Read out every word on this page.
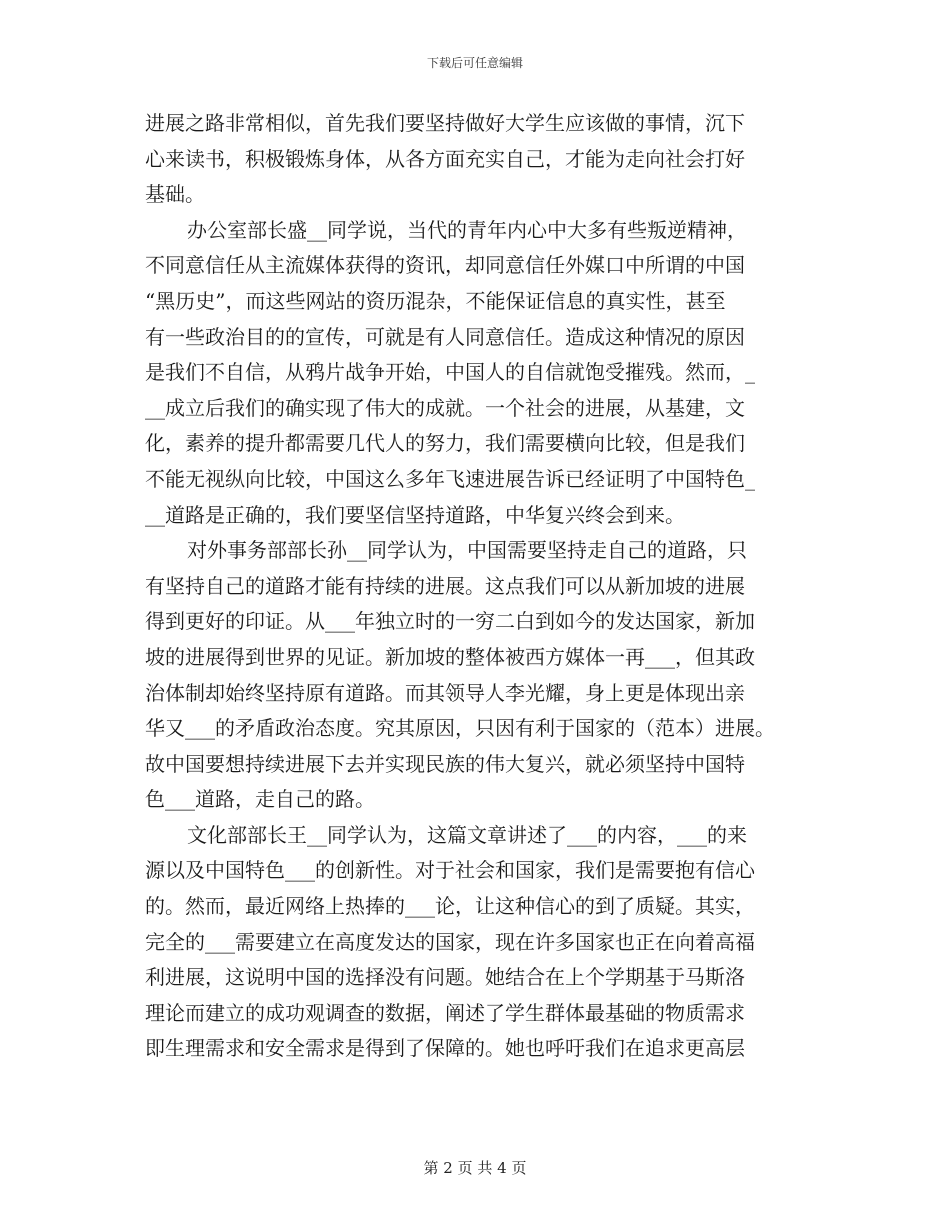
下载后可任意编辑
进展之路非常相似，首先我们要坚持做好大学生应该做的事情，沉下
心来读书，积极锻炼身体，从各方面充实自己，才能为走向社会打好
基础。
办公室部长盛__同学说，当代的青年内心中大多有些叛逆精神，
不同意信任从主流媒体获得的资讯，却同意信任外媒口中所谓的中国
“黑历史”，而这些网站的资历混杂，不能保证信息的真实性，甚至
有一些政治目的的宣传，可就是有人同意信任。造成这种情况的原因
是我们不自信，从鸦片战争开始，中国人的自信就饱受摧残。然而，_
__成立后我们的确实现了伟大的成就。一个社会的进展，从基建，文
化，素养的提升都需要几代人的努力，我们需要横向比较，但是我们
不能无视纵向比较，中国这么多年飞速进展告诉已经证明了中国特色_
__道路是正确的，我们要坚信坚持道路，中华复兴终会到来。
对外事务部部长孙__同学认为，中国需要坚持走自己的道路，只
有坚持自己的道路才能有持续的进展。这点我们可以从新加坡的进展
得到更好的印证。从___年独立时的一穷二白到如今的发达国家，新加
坡的进展得到世界的见证。新加坡的整体被西方媒体一再___，但其政
治体制却始终坚持原有道路。而其领导人李光耀，身上更是体现出亲
华又___的矛盾政治态度。究其原因，只因有利于国家的（范本）进展。
故中国要想持续进展下去并实现民族的伟大复兴，就必须坚持中国特
色___道路，走自己的路。
文化部部长王__同学认为，这篇文章讲述了___的内容，___的来
源以及中国特色___的创新性。对于社会和国家，我们是需要抱有信心
的。然而，最近网络上热捧的___论，让这种信心的到了质疑。其实，
完全的___需要建立在高度发达的国家，现在许多国家也正在向着高福
利进展，这说明中国的选择没有问题。她结合在上个学期基于马斯洛
理论而建立的成功观调查的数据，阐述了学生群体最基础的物质需求
即生理需求和安全需求是得到了保障的。她也呼吁我们在追求更高层
第 2 页 共 4 页
